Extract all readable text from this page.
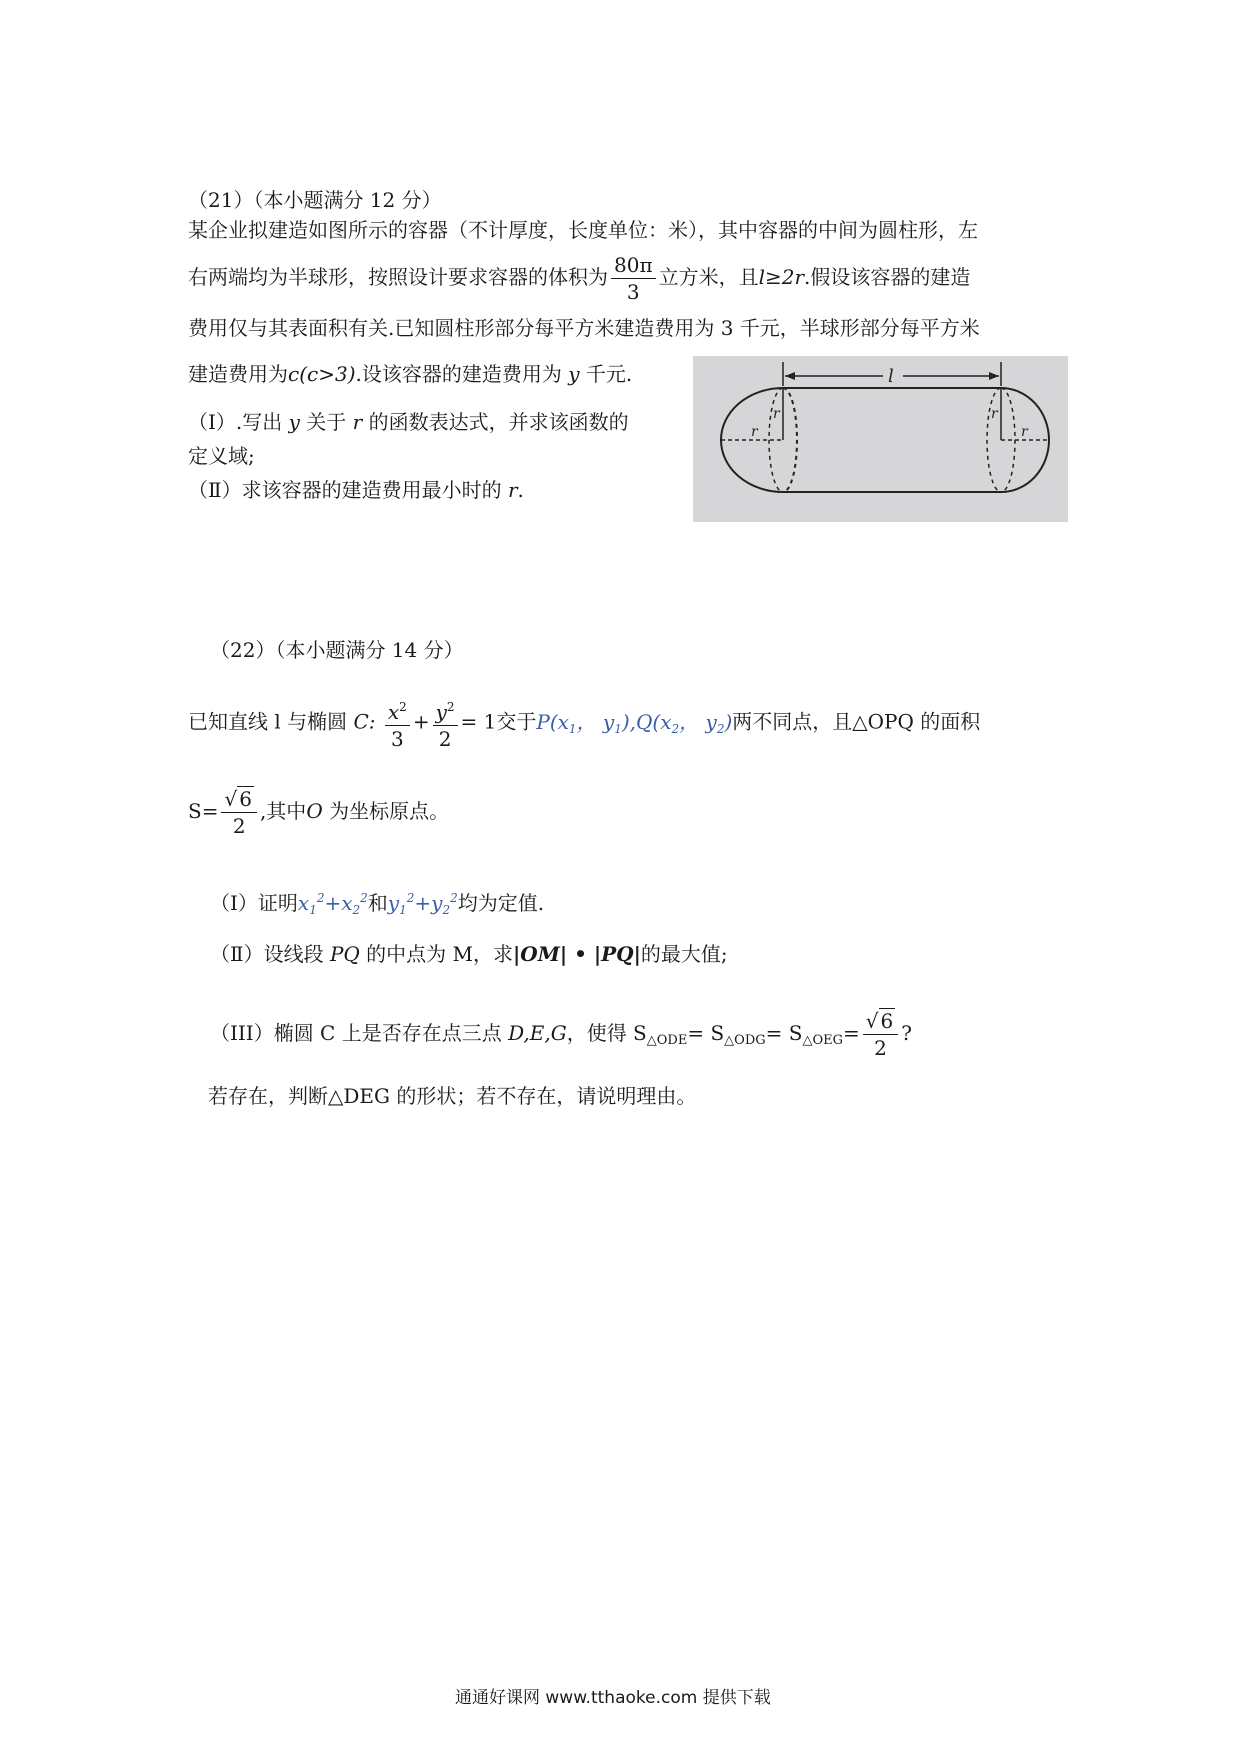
（21）（本小题满分 12 分）
某企业拟建造如图所示的容器（不计厚度，长度单位：米），其中容器的中间为圆柱形，左
右两端均为半球形，按照设计要求容器的体积为 $\frac{80\pi}{3}$ 立方米，且l≥2r.假设该容器的建造
费用仅与其表面积有关.已知圆柱形部分每平方米建造费用为 3 千元，半球形部分每平方米
建造费用为c(c>3).设该容器的建造费用为 y 千元.
（Ⅰ）.写出 y 关于 r 的函数表达式，并求该函数的
定义域;
（Ⅱ）求该容器的建造费用最小时的 r.
l
r
r
r
r
（22）（本小题满分 14 分）
已知直线 l 与椭圆 C: $\frac{x^2}{3} + \frac{y^2}{2} = 1$交于$P(x_1$， $y_1),Q(x_2$， $y_2$)两不同点，且△OPQ 的面积
$S= \frac{√ 6}{2}$ ,其中O 为坐标原点。
（Ⅰ）证明$x_1^2+x_2^2$和$y_1^2+y_2^2$均为定值.
（Ⅱ）设线段 PQ 的中点为 M，求|OM| • |PQ|的最大值;
（III）椭圆 C 上是否存在点三点 D,E,G，使得 $S_{\triangle ODE}= S_{\triangle ODG}= S_{\triangle OEG}= \frac{√ 6}{2}$ ?
若存在，判断△DEG 的形状；若不存在，请说明理由。
通通好课网 www.tthaoke.com 提供下载
